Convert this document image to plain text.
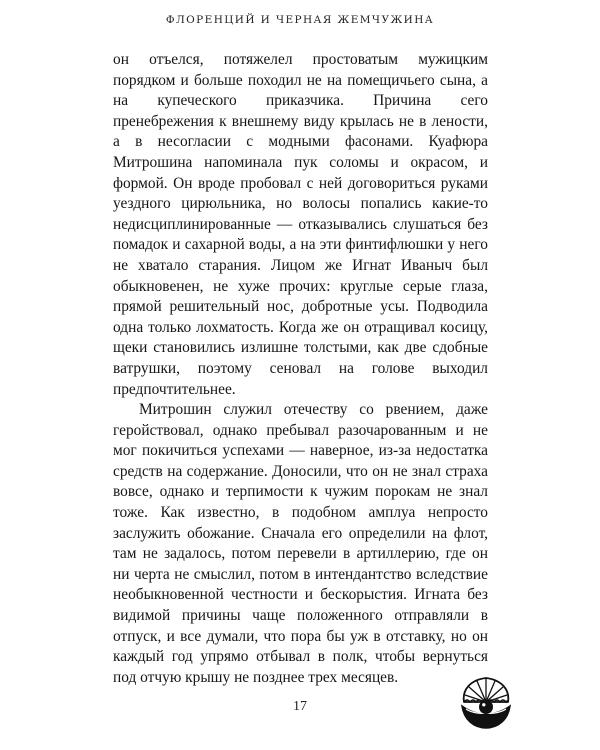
ФЛОРЕНЦИЙ И ЧЕРНАЯ ЖЕМЧУЖИНА

он отъелся, потяжелел простоватым мужицким порядком и больше походил не на помещичьего сына, а на купеческого приказчика. Причина сего пренебрежения к внешнему виду крылась не в лености, а в несогласии с модными фасонами. Куафюра Митрошина напоминала пук соломы и окрасом, и формой. Он вроде пробовал с ней договориться руками уездного цирюльника, но волосы попались какие-то недисциплинированные — отказывались слушаться без помадок и сахарной воды, а на эти финтифлюшки у него не хватало старания. Лицом же Игнат Иваныч был обыкновенен, не хуже прочих: круглые серые глаза, прямой решительный нос, добротные усы. Подводила одна только лохматость. Когда же он отращивал косицу, щеки становились излишне толстыми, как две сдобные ватрушки, поэтому сеновал на голове выходил предпочтительнее.

Митрошин служил отечеству со рвением, даже геройствовал, однако пребывал разочарованным и не мог покичиться успехами — наверное, из-за недостатка средств на содержание. Доносили, что он не знал страха вовсе, однако и терпимости к чужим порокам не знал тоже. Как известно, в подобном амплуа непросто заслужить обожание. Сначала его определили на флот, там не задалось, потом перевели в артиллерию, где он ни черта не смыслил, потом в интендантство вследствие необыкновенной честности и бескорыстия. Игната без видимой причины чаще положенного отправляли в отпуск, и все думали, что пора бы уж в отставку, но он каждый год упрямо отбывал в полк, чтобы вернуться под отчую крышу не позднее трех месяцев.

17
